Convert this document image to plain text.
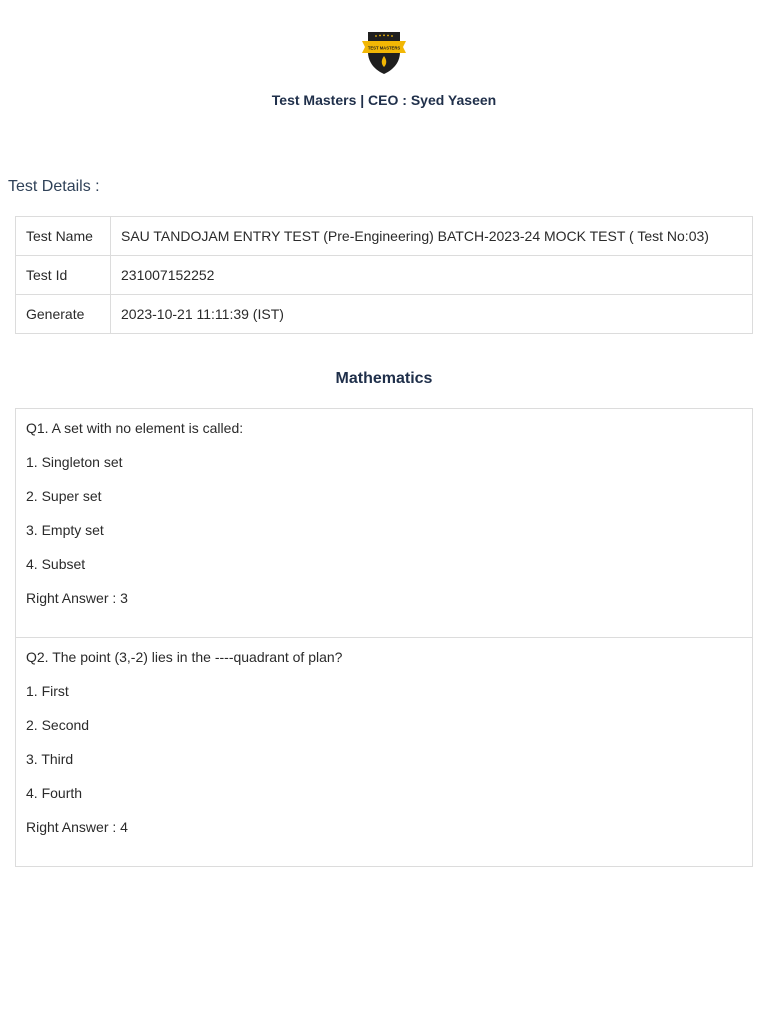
TEST MASTERS
Test Masters | CEO : Syed Yaseen
Test Details :
Test Name	SAU TANDOJAM ENTRY TEST (Pre-Engineering) BATCH-2023-24 MOCK TEST ( Test No:03)
Test Id	231007152252
Generate	2023-10-21 11:11:39 (IST)
Mathematics
Q1. A set with no element is called:
1. Singleton set
2. Super set
3. Empty set
4. Subset
Right Answer : 3
Q2. The point (3,-2) lies in the ----quadrant of plan?
1. First
2. Second
3. Third
4. Fourth
Right Answer : 4
